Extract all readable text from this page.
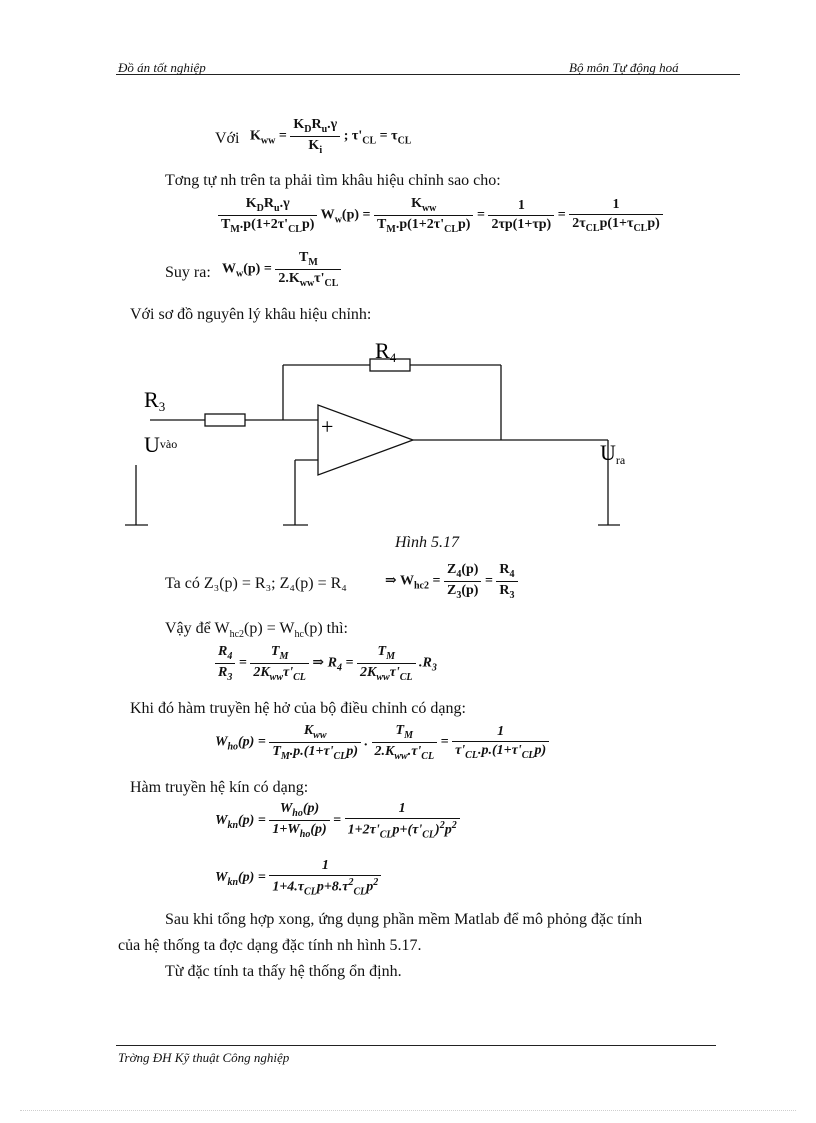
Đồ án tốt nghiệp	Bộ môn Tự động hoá
Với $K_{ww} = \frac{K_DR_u.\gamma}{K_i}$ ; $\tau'_{CL} = \tau_{CL}$
Tơng tự nh trên ta phải tìm khâu hiệu chỉnh sao cho:
$\frac{K_DR_u.\gamma}{T_M.p(1+2\tau'_{CL}p)} W_w(p) = \frac{K_{ww}}{T_M.p(1+2\tau'_{CL}p)} = \frac{1}{2\tau p(1+\tau p)} = \frac{1}{2\tau_{CL}p(1+\tau_{CL}p)}$
Suy ra: $W_w(p) = \frac{T_M}{2.K_{ww}\tau'_{CL}}$
Với sơ đồ nguyên lý khâu hiệu chỉnh:
R4
R3
Uvào	Ura
+
Hình 5.17
Ta có Z₃(p) = R₃; Z₄(p) = R₄	⇒ $W_{hc2} = \frac{Z_4(p)}{Z_3(p)} = \frac{R_4}{R_3}$
Vậy để $W_{hc2}(p) = W_{hc}(p)$ thì:
$\frac{R_4}{R_3} = \frac{T_M}{2K_{ww}\tau'_{CL}}$ ⇒ $R_4 = \frac{T_M}{2K_{ww}\tau'_{CL}} .R_3$
Khi đó hàm truyền hệ hở của bộ điều chỉnh có dạng:
$W_{ho}(p) = \frac{K_{ww}}{T_M.p.(1+\tau'_{CL}p)}$ . $\frac{T_M}{2.K_{ww}.\tau'_{CL}} = \frac{1}{\tau'_{CL}.p.(1+\tau'_{CL}p)}$
Hàm truyền hệ kín có dạng:
$W_{kn}(p) = \frac{W_{ho}(p)}{1+W_{ho}(p)} = \frac{1}{1+2\tau'_{CL}p+(\tau'_{CL})^2p^2}$
$W_{kn}(p) = \frac{1}{1+4.\tau_{CL}p+8.\tau^2_{CL}p^2}$
Sau khi tổng hợp xong, ứng dụng phần mềm Matlab để mô phỏng đặc tính
của hệ thống ta đợc dạng đặc tính nh hình 5.17.
Từ đặc tính ta thấy hệ thống ổn định.
Trờng ĐH Kỹ thuật Công nghiệp
